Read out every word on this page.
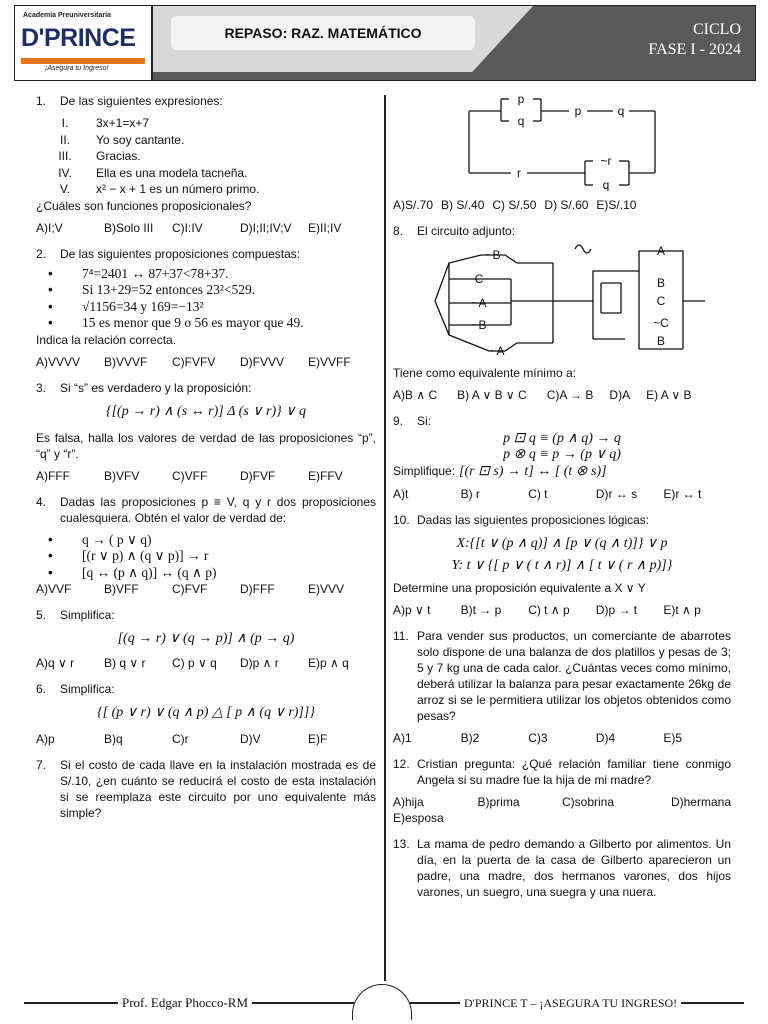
Academia Preuniversitaria
D'PRINCE
¡Asegura tu Ingreso!
REPASO: RAZ. MATEMÁTICO	CICLO
FASE I - 2024
1.	De las siguientes expresiones:
I.	3x+1=x+7
II.	Yo soy cantante.
III.	Gracias.
IV.	Ella es una modela tacneña.
V.	x² − x + 1 es un número primo.
¿Cuáles son funciones proposicionales?
A)I;V	B)Solo III	C)I:IV	D)I;II;IV;V	E)II;IV
2.	De las siguientes proposiciones compuestas:
• 7⁴=2401 ↔ 87+37<78+37.
• Si 13+29=52 entonces 23²<529.
• √1156=34 y 169=−13²
• 15 es menor que 9 o 56 es mayor que 49.
Indica la relación correcta.
A)VVVV	B)VVVF	C)FVFV	D)FVVV	E)VVFF
3.	Si “s” es verdadero y la proposición:
{[(p → r) ∧ (s ↔ r)] Δ (s ∨ r)} ∨ q
Es falsa, halla los valores de verdad de las proposiciones “p”, “q” y “r”.
A)FFF	B)VFV	C)VFF	D)FVF	E)FFV
4.	Dadas las proposiciones p ≡ V, q y r dos proposiciones cualesquiera. Obtén el valor de verdad de:
• q → ( p ∨ q)
• [(r ∨ p) ∧ (q ∨ p)] → r
• [q ↔ (p ∧ q)] ↔ (q ∧ p)
A)VVF	B)VFF	C)FVF	D)FFF	E)VVV
5.	Simplifica:
[(q → r) ∨ (q → p)] ∧ (p → q)
A)q ∨ r	B) q ∨ r	C) p ∨ q	D)p ∧ r	E)p ∧ q
6.	Simplifica:
{[ (p ∨ r) ∨ (q ∧ p) △ [ p ∧ (q ∨ r)]]}
A)p	B)q	C)r	D)V	E)F
7.	Si el costo de cada llave en la instalación mostrada es de S/.10, ¿en cuánto se reducirá el costo de esta instalación si se reemplaza este circuito por uno equivalente más simple?
p
q
p	q
r
~r
q
A)S/.70 B) S/.40 C) S/.50 D) S/.60 E)S/.10
8.	El circuito adjunto:
~B
C
~A
~B
~A
A
B
C
~C
B
Tiene como equivalente mínimo a:
A)B ∧ C B) A ∨ B ∨ C C)A → B D)A E) A ∨ B
9.	Si:
p ⊡ q ≡ (p ∧ q) → q
p ⊗ q ≡ p → (p ∨ q)
Simplifique: [(r ⊡ s) → t] ↔ [ (t ⊗ s)]
A)t	B) r	C) t	D)r ↔ s	E)r ↔ t
10. Dadas las siguientes proposiciones lógicas:
X:{[t ∨ (p ∧ q)] ∧ [p ∨ (q ∧ t)]} ∨ p
Y: t ∨ {[ p ∨ ( t ∧ r)] ∧ [ t ∨ ( r ∧ p)]}
Determine una proposición equivalente a X ∨ Y
A)p ∨ t	B)t → p	C) t ∧ p	D)p → t	E)t ∧ p
11. Para vender sus productos, un comerciante de abarrotes solo dispone de una balanza de dos platillos y pesas de 3; 5 y 7 kg una de cada calor. ¿Cuántas veces como mínimo, deberá utilizar la balanza para pesar exactamente 26kg de arroz si se le permitiera utilizar los objetos obtenidos como pesas?
A)1	B)2	C)3	D)4	E)5
12. Cristian pregunta: ¿Qué relación familiar tiene conmigo Angela si su madre fue la hija de mi madre?
A)hija	B)prima	C)sobrina	D)hermana
E)esposa
13. La mama de pedro demando a Gilberto por alimentos. Un día, en la puerta de la casa de Gilberto aparecieron un padre, una madre, dos hermanos varones, dos hijos varones, un suegro, una suegra y una nuera.
Prof. Edgar Phocco-RM	D'PRINCE T – ¡ASEGURA TU INGRESO!
